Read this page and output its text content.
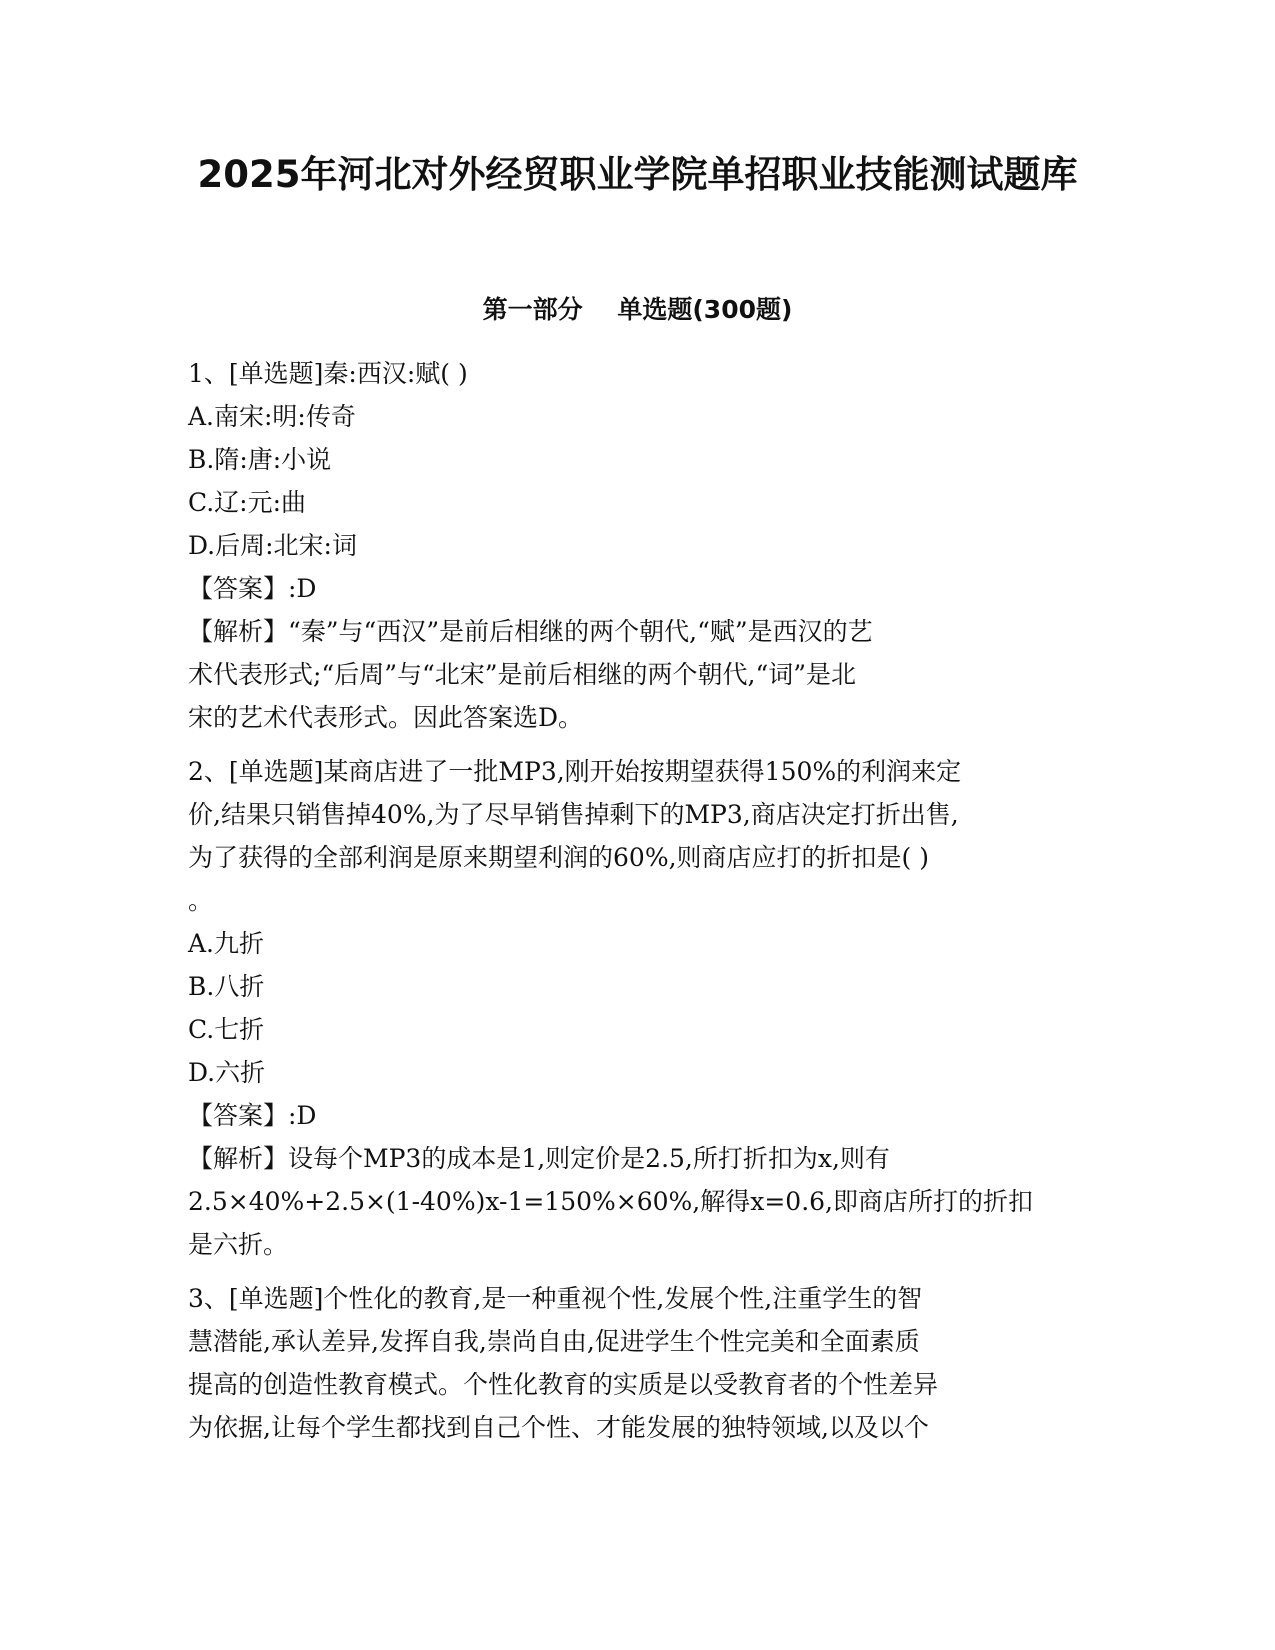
2025年河北对外经贸职业学院单招职业技能测试题库
第一部分    单选题(300题)
1、[单选题]秦:西汉:赋( )
A.南宋:明:传奇
B.隋:唐:小说
C.辽:元:曲
D.后周:北宋:词
【答案】:D
【解析】“秦”与“西汉”是前后相继的两个朝代,“赋”是西汉的艺
术代表形式;“后周”与“北宋”是前后相继的两个朝代,“词”是北
宋的艺术代表形式。因此答案选D。
2、[单选题]某商店进了一批MP3,刚开始按期望获得150%的利润来定
价,结果只销售掉40%,为了尽早销售掉剩下的MP3,商店决定打折出售,
为了获得的全部利润是原来期望利润的60%,则商店应打的折扣是( )
。
A.九折
B.八折
C.七折
D.六折
【答案】:D
【解析】设每个MP3的成本是1,则定价是2.5,所打折扣为x,则有
2.5×40%+2.5×(1-40%)x-1=150%×60%,解得x=0.6,即商店所打的折扣
是六折。
3、[单选题]个性化的教育,是一种重视个性,发展个性,注重学生的智
慧潜能,承认差异,发挥自我,崇尚自由,促进学生个性完美和全面素质
提高的创造性教育模式。个性化教育的实质是以受教育者的个性差异
为依据,让每个学生都找到自己个性、才能发展的独特领域,以及以个
